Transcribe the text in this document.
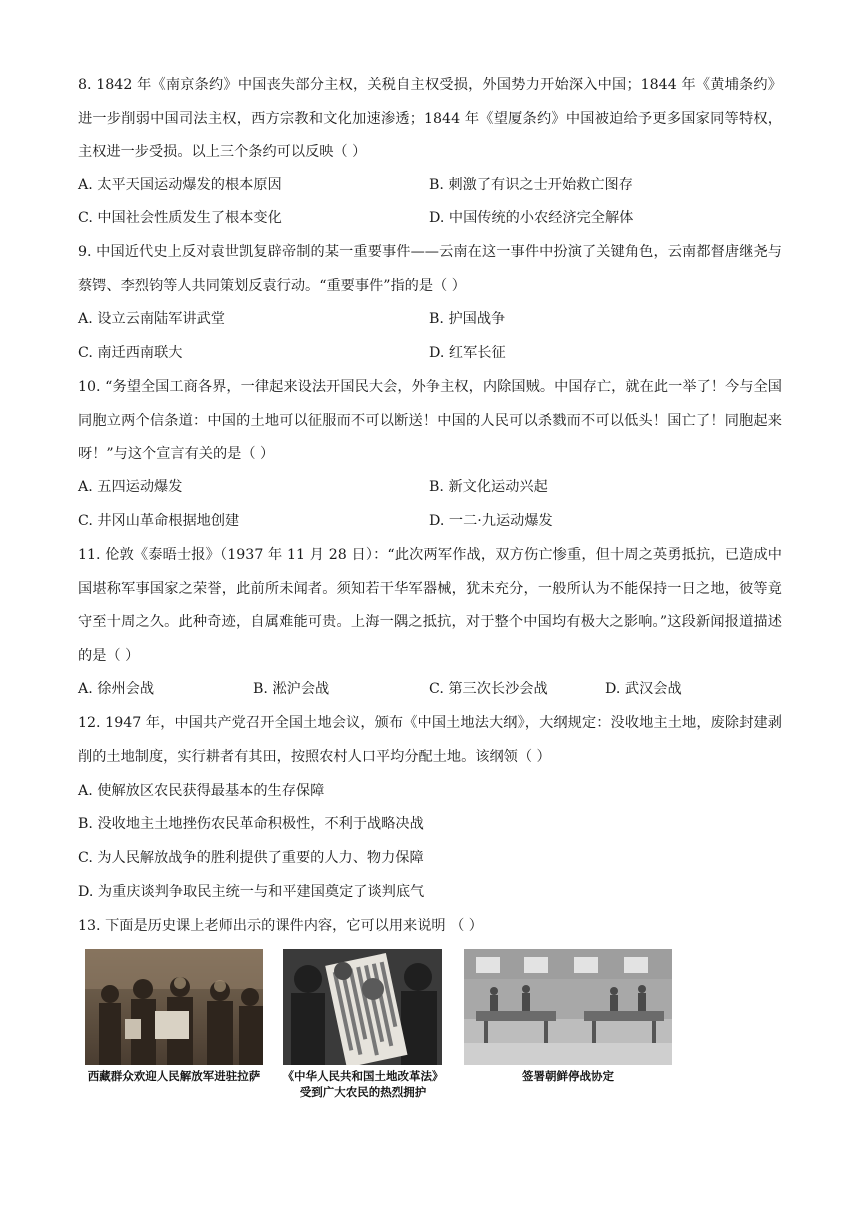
8. 1842 年《南京条约》中国丧失部分主权，关税自主权受损，外国势力开始深入中国；1844 年《黄埔条约》进一步削弱中国司法主权，西方宗教和文化加速渗透；1844 年《望厦条约》中国被迫给予更多国家同等特权，主权进一步受损。以上三个条约可以反映（ ）

A. 太平天国运动爆发的根本原因	B. 刺激了有识之士开始救亡图存
C. 中国社会性质发生了根本变化	D. 中国传统的小农经济完全解体

9. 中国近代史上反对袁世凯复辟帝制的某一重要事件——云南在这一事件中扮演了关键角色，云南都督唐继尧与蔡锷、李烈钧等人共同策划反袁行动。“重要事件”指的是（ ）

A. 设立云南陆军讲武堂	B. 护国战争
C. 南迁西南联大	D. 红军长征

10. “务望全国工商各界，一律起来设法开国民大会，外争主权，内除国贼。中国存亡，就在此一举了！今与全国同胞立两个信条道：中国的土地可以征服而不可以断送！中国的人民可以杀戮而不可以低头！国亡了！同胞起来呀！”与这个宣言有关的是（ ）

A. 五四运动爆发	B. 新文化运动兴起
C. 井冈山革命根据地创建	D. 一二·九运动爆发

11. 伦敦《泰晤士报》（1937 年 11 月 28 日）：“此次两军作战，双方伤亡惨重，但十周之英勇抵抗，已造成中国堪称军事国家之荣誉，此前所未闻者。须知若干华军器械，犹未充分，一般所认为不能保持一日之地，彼等竟守至十周之久。此种奇迹，自属难能可贵。上海一隅之抵抗，对于整个中国均有极大之影响。”这段新闻报道描述的是（ ）

A. 徐州会战	B. 淞沪会战	C. 第三次长沙会战	D. 武汉会战

12. 1947 年，中国共产党召开全国土地会议，颁布《中国土地法大纲》，大纲规定：没收地主土地，废除封建剥削的土地制度，实行耕者有其田，按照农村人口平均分配土地。该纲领（ ）

A. 使解放区农民获得最基本的生存保障
B. 没收地主土地挫伤农民革命积极性，不利于战略决战
C. 为人民解放战争的胜利提供了重要的人力、物力保障
D. 为重庆谈判争取民主统一与和平建国奠定了谈判底气
13. 下面是历史课上老师出示的课件内容，它可以用来说明 （ ）
西藏群众欢迎人民解放军进驻拉萨	《中华人民共和国土地改革法》
受到广大农民的热烈拥护
签署朝鲜停战协定
